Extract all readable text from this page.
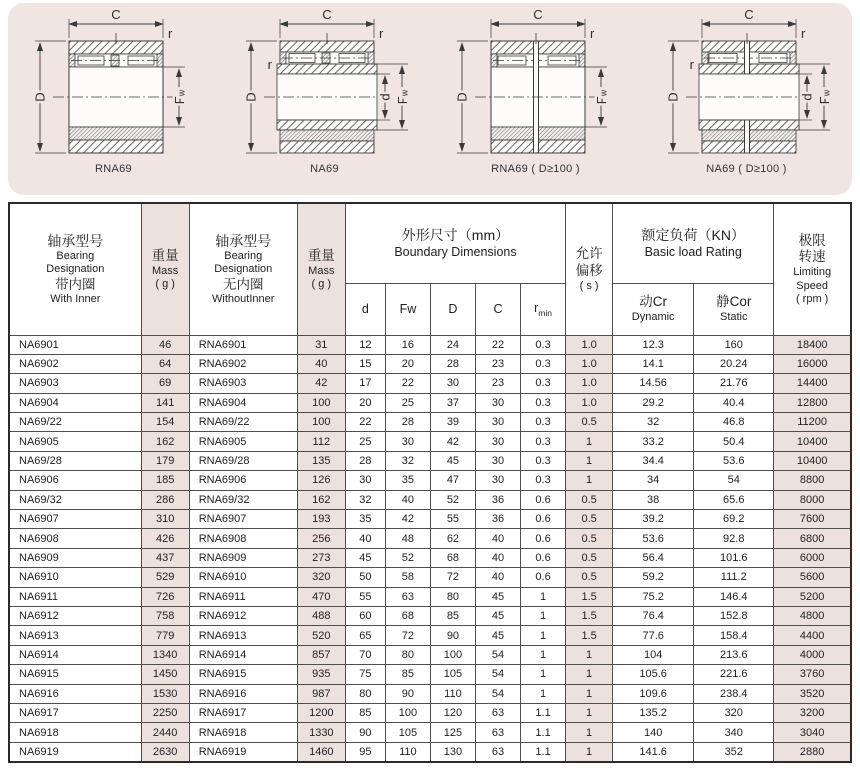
C
r
D	Fw
RNA69
C
r
r
D	d Fw
NA69
C
r
D	Fw
RNA69 ( D≥100 )
C
r
r
D	d Fw
NA69 ( D≥100 )
轴承型号
Bearing
Designation
带内圈
With Inner

重量
Mass
( g )

轴承型号
Bearing
Designation
无内圈
WithoutInner

重量
Mass
( g )

外形尺寸（mm）
Boundary Dimensions	允许
偏移
( s )

额定负荷（KN）
Basic load Rating

极限
转速
Limiting
Speed
( rpm )

d	Fw	D	C	$r_{min}$	
动Cr
Dynamic

静Cor
Static

NA6901	46	RNA6901	31	12	16	24	22	0.3	1.0	12.3	160	18400
NA6902	64	RNA6902	40	15	20	28	23	0.3	1.0	14.1	20.24	16000
NA6903	69	RNA6903	42	17	22	30	23	0.3	1.0	14.56	21.76	14400
NA6904	141	RNA6904	100	20	25	37	30	0.3	1.0	29.2	40.4	12800
NA69/22	154	RNA69/22	100	22	28	39	30	0.3	0.5	32	46.8	11200
NA6905	162	RNA6905	112	25	30	42	30	0.3	1	33.2	50.4	10400
NA69/28	179	RNA69/28	135	28	32	45	30	0.3	1	34.4	53.6	10400
NA6906	185	RNA6906	126	30	35	47	30	0.3	1	34	54	8800
NA69/32	286	RNA69/32	162	32	40	52	36	0.6	0.5	38	65.6	8000
NA6907	310	RNA6907	193	35	42	55	36	0.6	0.5	39.2	69.2	7600
NA6908	426	RNA6908	256	40	48	62	40	0.6	0.5	53.6	92.8	6800
NA6909	437	RNA6909	273	45	52	68	40	0.6	0.5	56.4	101.6	6000
NA6910	529	RNA6910	320	50	58	72	40	0.6	0.5	59.2	111.2	5600
NA6911	726	RNA6911	470	55	63	80	45	1	1.5	75.2	146.4	5200
NA6912	758	RNA6912	488	60	68	85	45	1	1.5	76.4	152.8	4800
NA6913	779	RNA6913	520	65	72	90	45	1	1.5	77.6	158.4	4400
NA6914	1340	RNA6914	857	70	80	100	54	1	1	104	213.6	4000
NA6915	1450	RNA6915	935	75	85	105	54	1	1	105.6	221.6	3760
NA6916	1530	RNA6916	987	80	90	110	54	1	1	109.6	238.4	3520
NA6917	2250	RNA6917	1200	85	100	120	63	1.1	1	135.2	320	3200
NA6918	2440	RNA6918	1330	90	105	125	63	1.1	1	140	340	3040
NA6919	2630	RNA6919	1460	95	110	130	63	1.1	1	141.6	352	2880
